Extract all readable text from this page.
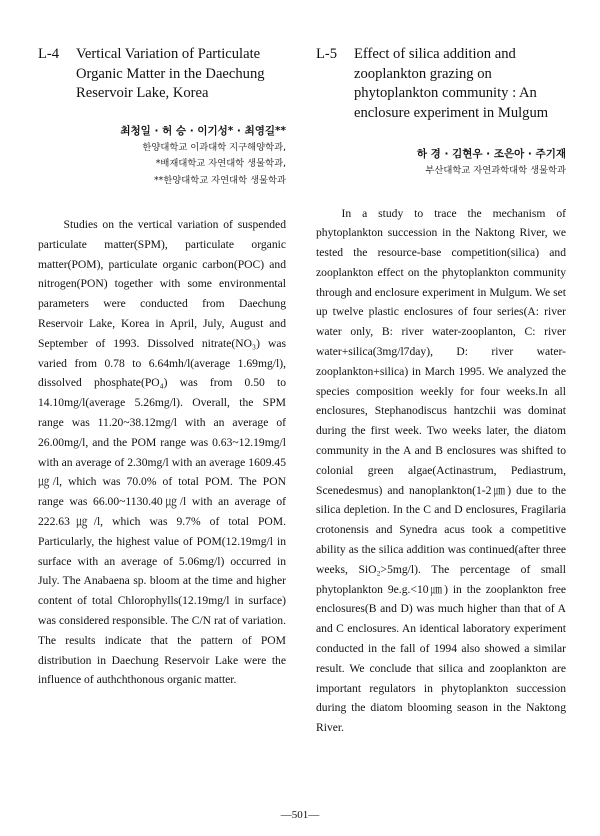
L-4 Vertical Variation of Particulate Organic Matter in the Daechung Reservoir Lake, Korea
최청일 · 허 승 · 이기성* · 최영길**
한양대학교 이과대학 지구해양학과,
*배재대학교 자연대학 생물학과,
**한양대학교 자연대학 생물학과

Studies on the vertical variation of suspended particulate matter(SPM), particulate organic matter(POM), particulate organic carbon(POC) and nitrogen(PON) together with some environmental parameters were conducted from Daechung Reservoir Lake, Korea in April, July, August and September of 1993. Dissolved nitrate(NO₃) was varied from 0.78 to 6.64mh/l(average 1.69mg/l), dissolved phosphate(PO₄) was from 0.50 to 14.10mg/l(average 5.26mg/l). Overall, the SPM range was 11.20~38.12mg/l with an average of 26.00mg/l, and the POM range was 0.63~12.19mg/l with an average of 2.30mg/l with an average 1609.45㎍/l, which was 70.0% of total POM. The PON range was 66.00~1130.40㎍/l with an average of 222.63㎍/l, which was 9.7% of total POM. Particularly, the highest value of POM(12.19mg/l in surface with an average of 5.06mg/l) occurred in July. The Anabaena sp. bloom at the time and higher content of total Chlorophylls(12.19mg/l in surface) was considered responsible. The C/N rat of variation. The results indicate that the pattern of POM distribution in Daechung Reservoir Lake were the influence of authchthonous organic matter.

L-5 Effect of silica addition and zooplankton grazing on phytoplankton community : An enclosure experiment in Mulgum
하 경 · 김현우 · 조은아 · 주기재
부산대학교 자연과학대학 생물학과

In a study to trace the mechanism of phytoplankton succession in the Naktong River, we tested the resource-base competition(silica) and zooplankton effect on the phytoplankton community through and enclosure experiment in Mulgum. We set up twelve plastic enclosures of four series(A: river water only, B: river water-zooplanton, C: river water+silica(3mg/l7day), D: river water-zooplankton+silica) in March 1995. We analyzed the species composition weekly for four weeks.In all enclosures, Stephanodiscus hantzchii was dominat during the first week. Two weeks later, the diatom community in the A and B enclosures was shifted to colonial green algae(Actinastrum, Pediastrum, Scenedesmus) and nanoplankton(1-2㎛) due to the silica depletion. In the C and D enclosures, Fragilaria crotonensis and Synedra acus took a competitive ability as the silica addition was continued(after three weeks, SiO₂>5mg/l). The percentage of small phytoplankton 9e.g.<10㎛) in the zooplankton free enclosures(B and D) was much higher than that of A and C enclosures. An identical laboratory experiment conducted in the fall of 1994 also showed a similar result. We conclude that silica and zooplankton are important regulators in phytoplankton succession during the diatom blooming season in the Naktong River.

—501—
